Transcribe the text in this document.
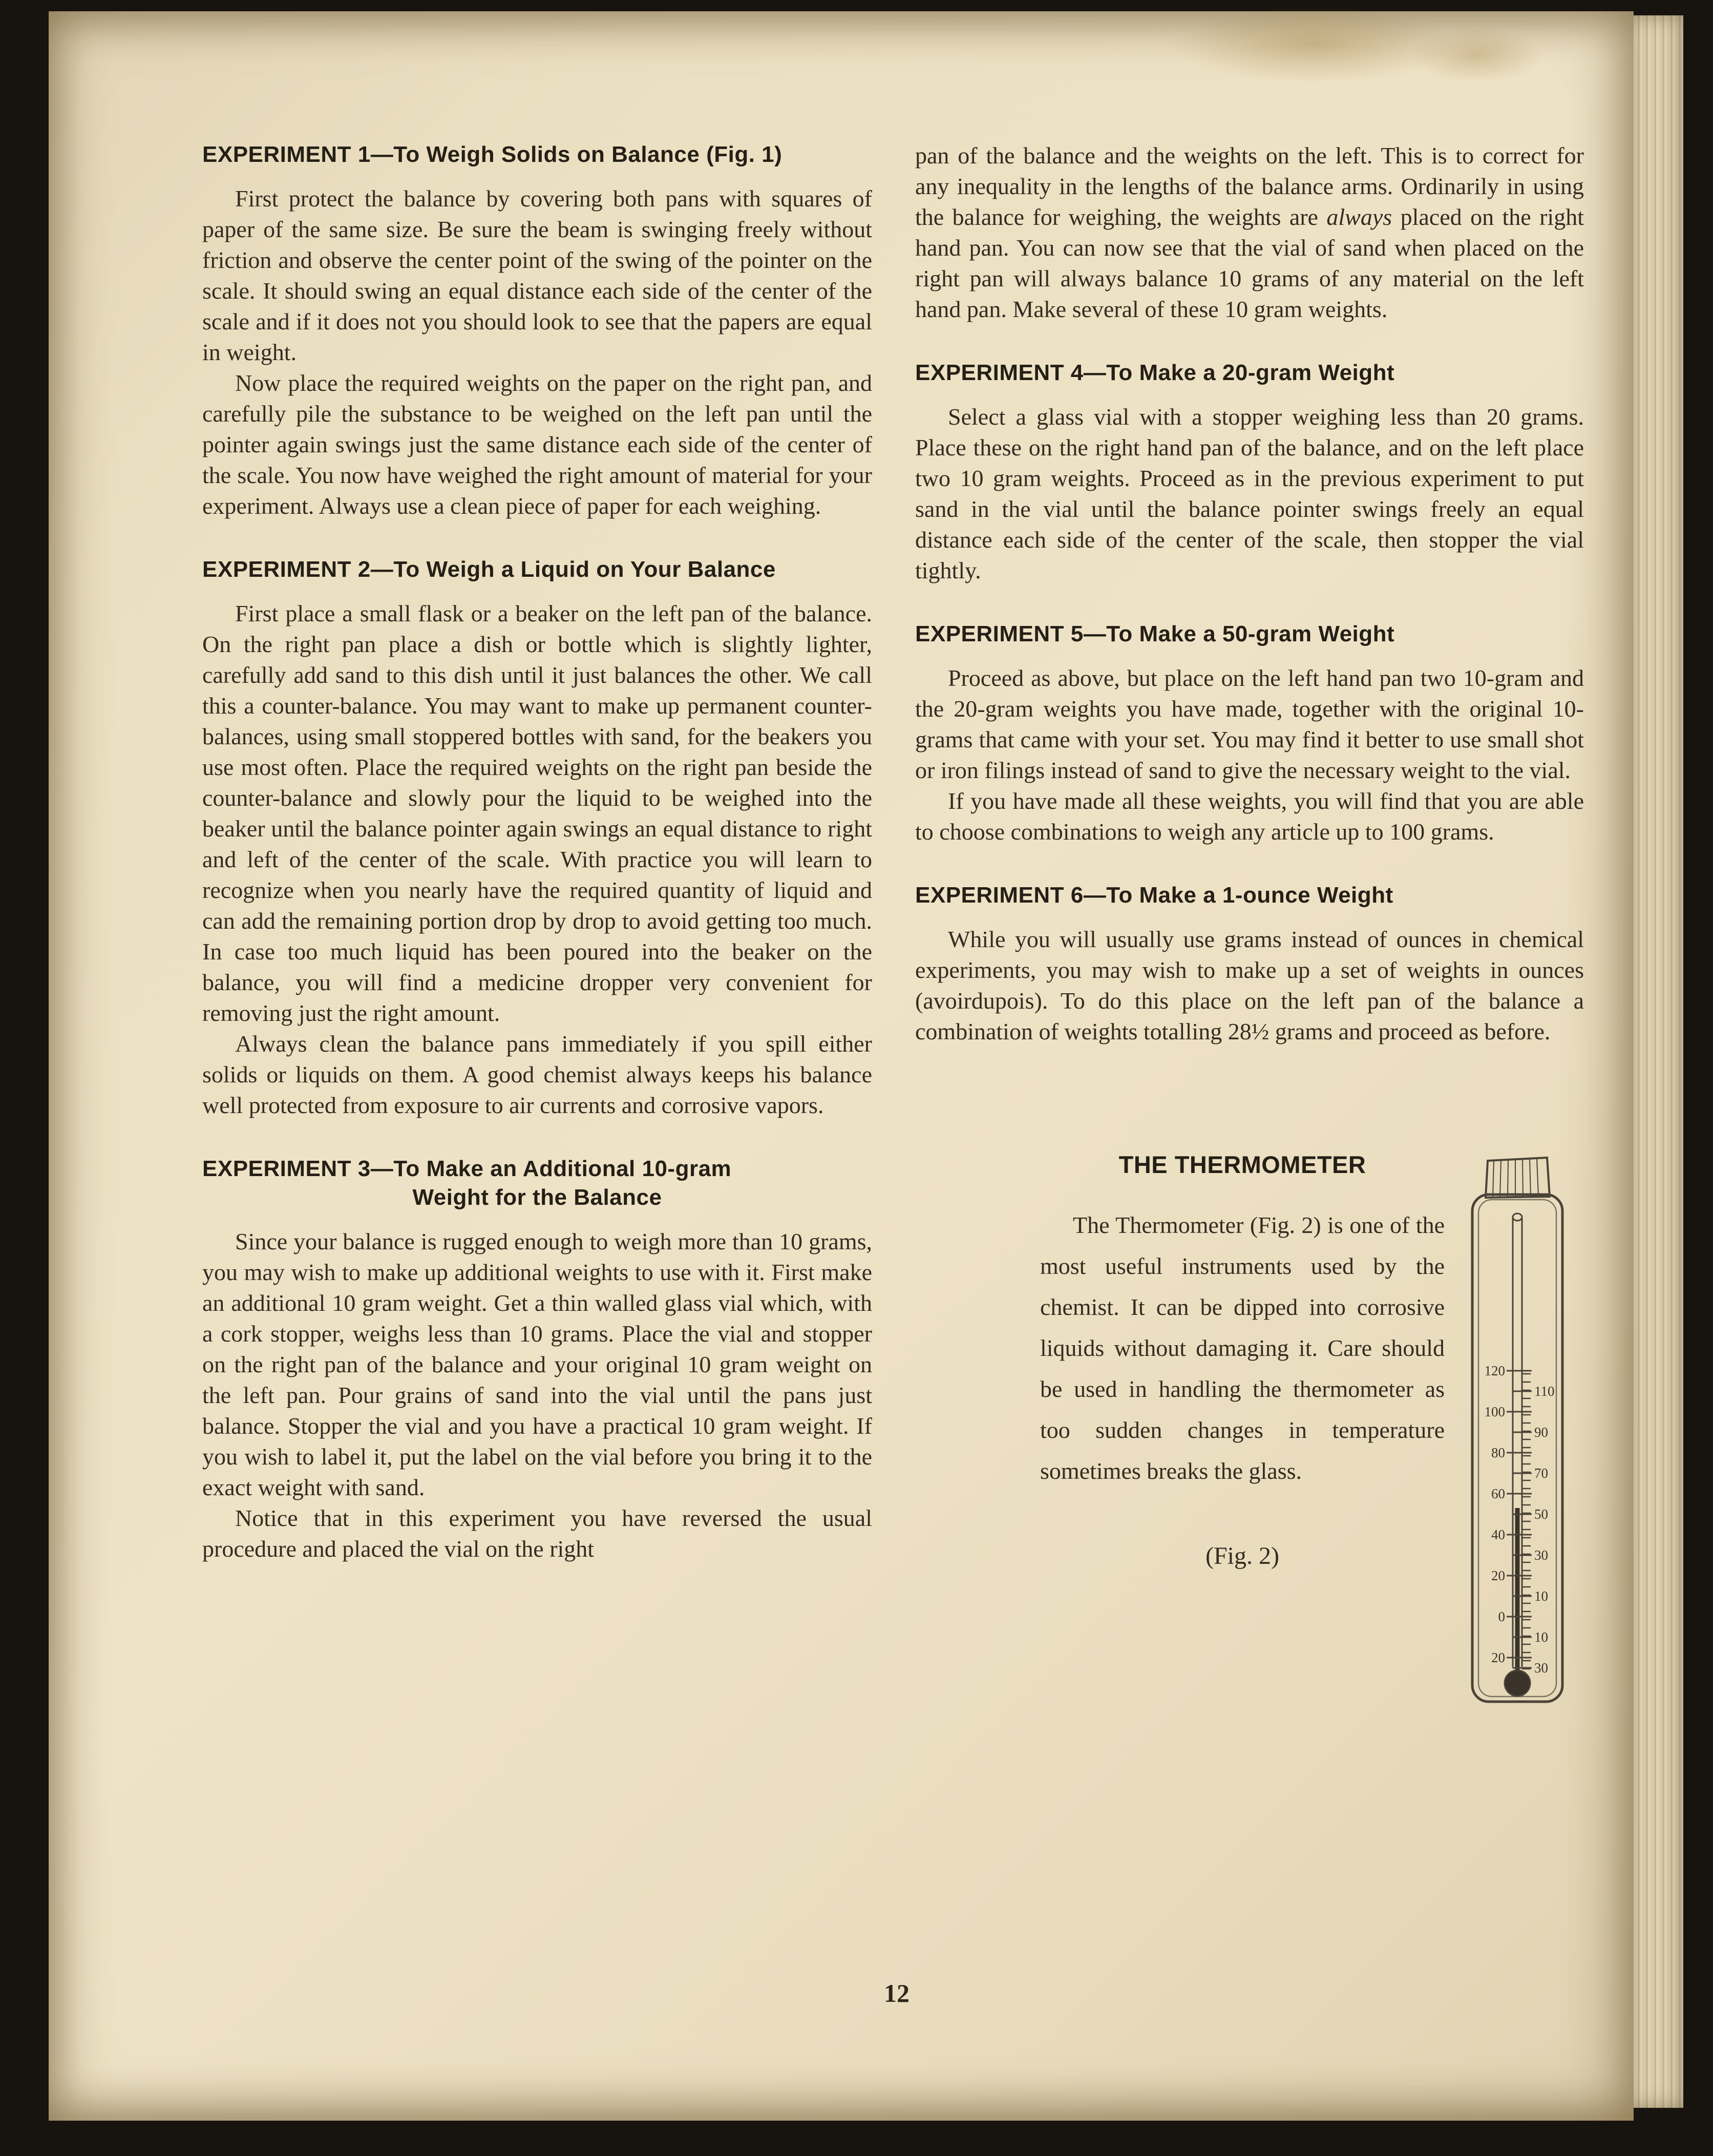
EXPERIMENT 1—To Weigh Solids on Balance (Fig. 1)

First protect the balance by covering both pans with squares of paper of the same size. Be sure the beam is swinging freely without friction and observe the center point of the swing of the pointer on the scale. It should swing an equal distance each side of the center of the scale and if it does not you should look to see that the papers are equal in weight.

Now place the required weights on the paper on the right pan, and carefully pile the substance to be weighed on the left pan until the pointer again swings just the same distance each side of the center of the scale. You now have weighed the right amount of material for your experiment. Always use a clean piece of paper for each weighing.

EXPERIMENT 2—To Weigh a Liquid on Your Balance

First place a small flask or a beaker on the left pan of the balance. On the right pan place a dish or bottle which is slightly lighter, carefully add sand to this dish until it just balances the other. We call this a counter-balance. You may want to make up permanent counter-balances, using small stoppered bottles with sand, for the beakers you use most often. Place the required weights on the right pan beside the counter-balance and slowly pour the liquid to be weighed into the beaker until the balance pointer again swings an equal distance to right and left of the center of the scale. With practice you will learn to recognize when you nearly have the required quantity of liquid and can add the remaining portion drop by drop to avoid getting too much. In case too much liquid has been poured into the beaker on the balance, you will find a medicine dropper very convenient for removing just the right amount.

Always clean the balance pans immediately if you spill either solids or liquids on them. A good chemist always keeps his balance well protected from exposure to air currents and corrosive vapors.

EXPERIMENT 3—To Make an Additional 10-gram
Weight for the Balance

Since your balance is rugged enough to weigh more than 10 grams, you may wish to make up additional weights to use with it. First make an additional 10 gram weight. Get a thin walled glass vial which, with a cork stopper, weighs less than 10 grams. Place the vial and stopper on the right pan of the balance and your original 10 gram weight on the left pan. Pour grains of sand into the vial until the pans just balance. Stopper the vial and you have a practical 10 gram weight. If you wish to label it, put the label on the vial before you bring it to the exact weight with sand.

Notice that in this experiment you have reversed the usual procedure and placed the vial on the right

pan of the balance and the weights on the left. This is to correct for any inequality in the lengths of the balance arms. Ordinarily in using the balance for weighing, the weights are always placed on the right hand pan. You can now see that the vial of sand when placed on the right pan will always balance 10 grams of any material on the left hand pan. Make several of these 10 gram weights.

EXPERIMENT 4—To Make a 20-gram Weight

Select a glass vial with a stopper weighing less than 20 grams. Place these on the right hand pan of the balance, and on the left place two 10 gram weights. Proceed as in the previous experiment to put sand in the vial until the balance pointer swings freely an equal distance each side of the center of the scale, then stopper the vial tightly.

EXPERIMENT 5—To Make a 50-gram Weight

Proceed as above, but place on the left hand pan two 10-gram and the 20-gram weights you have made, together with the original 10-grams that came with your set. You may find it better to use small shot or iron filings instead of sand to give the necessary weight to the vial.

If you have made all these weights, you will find that you are able to choose combinations to weigh any article up to 100 grams.

EXPERIMENT 6—To Make a 1-ounce Weight

While you will usually use grams instead of ounces in chemical experiments, you may wish to make up a set of weights in ounces (avoirdupois). To do this place on the left pan of the balance a combination of weights totalling 28½ grams and proceed as before.

THE THERMOMETER

The Thermometer (Fig. 2) is one of the most useful instruments used by the chemist. It can be dipped into corrosive liquids without damaging it. Care should be used in handling the thermometer as too sudden changes in temperature sometimes breaks the glass.

(Fig. 2)
120
100
80
60
40
20
0
20
110
90
70
50
30
10
10
30
12
